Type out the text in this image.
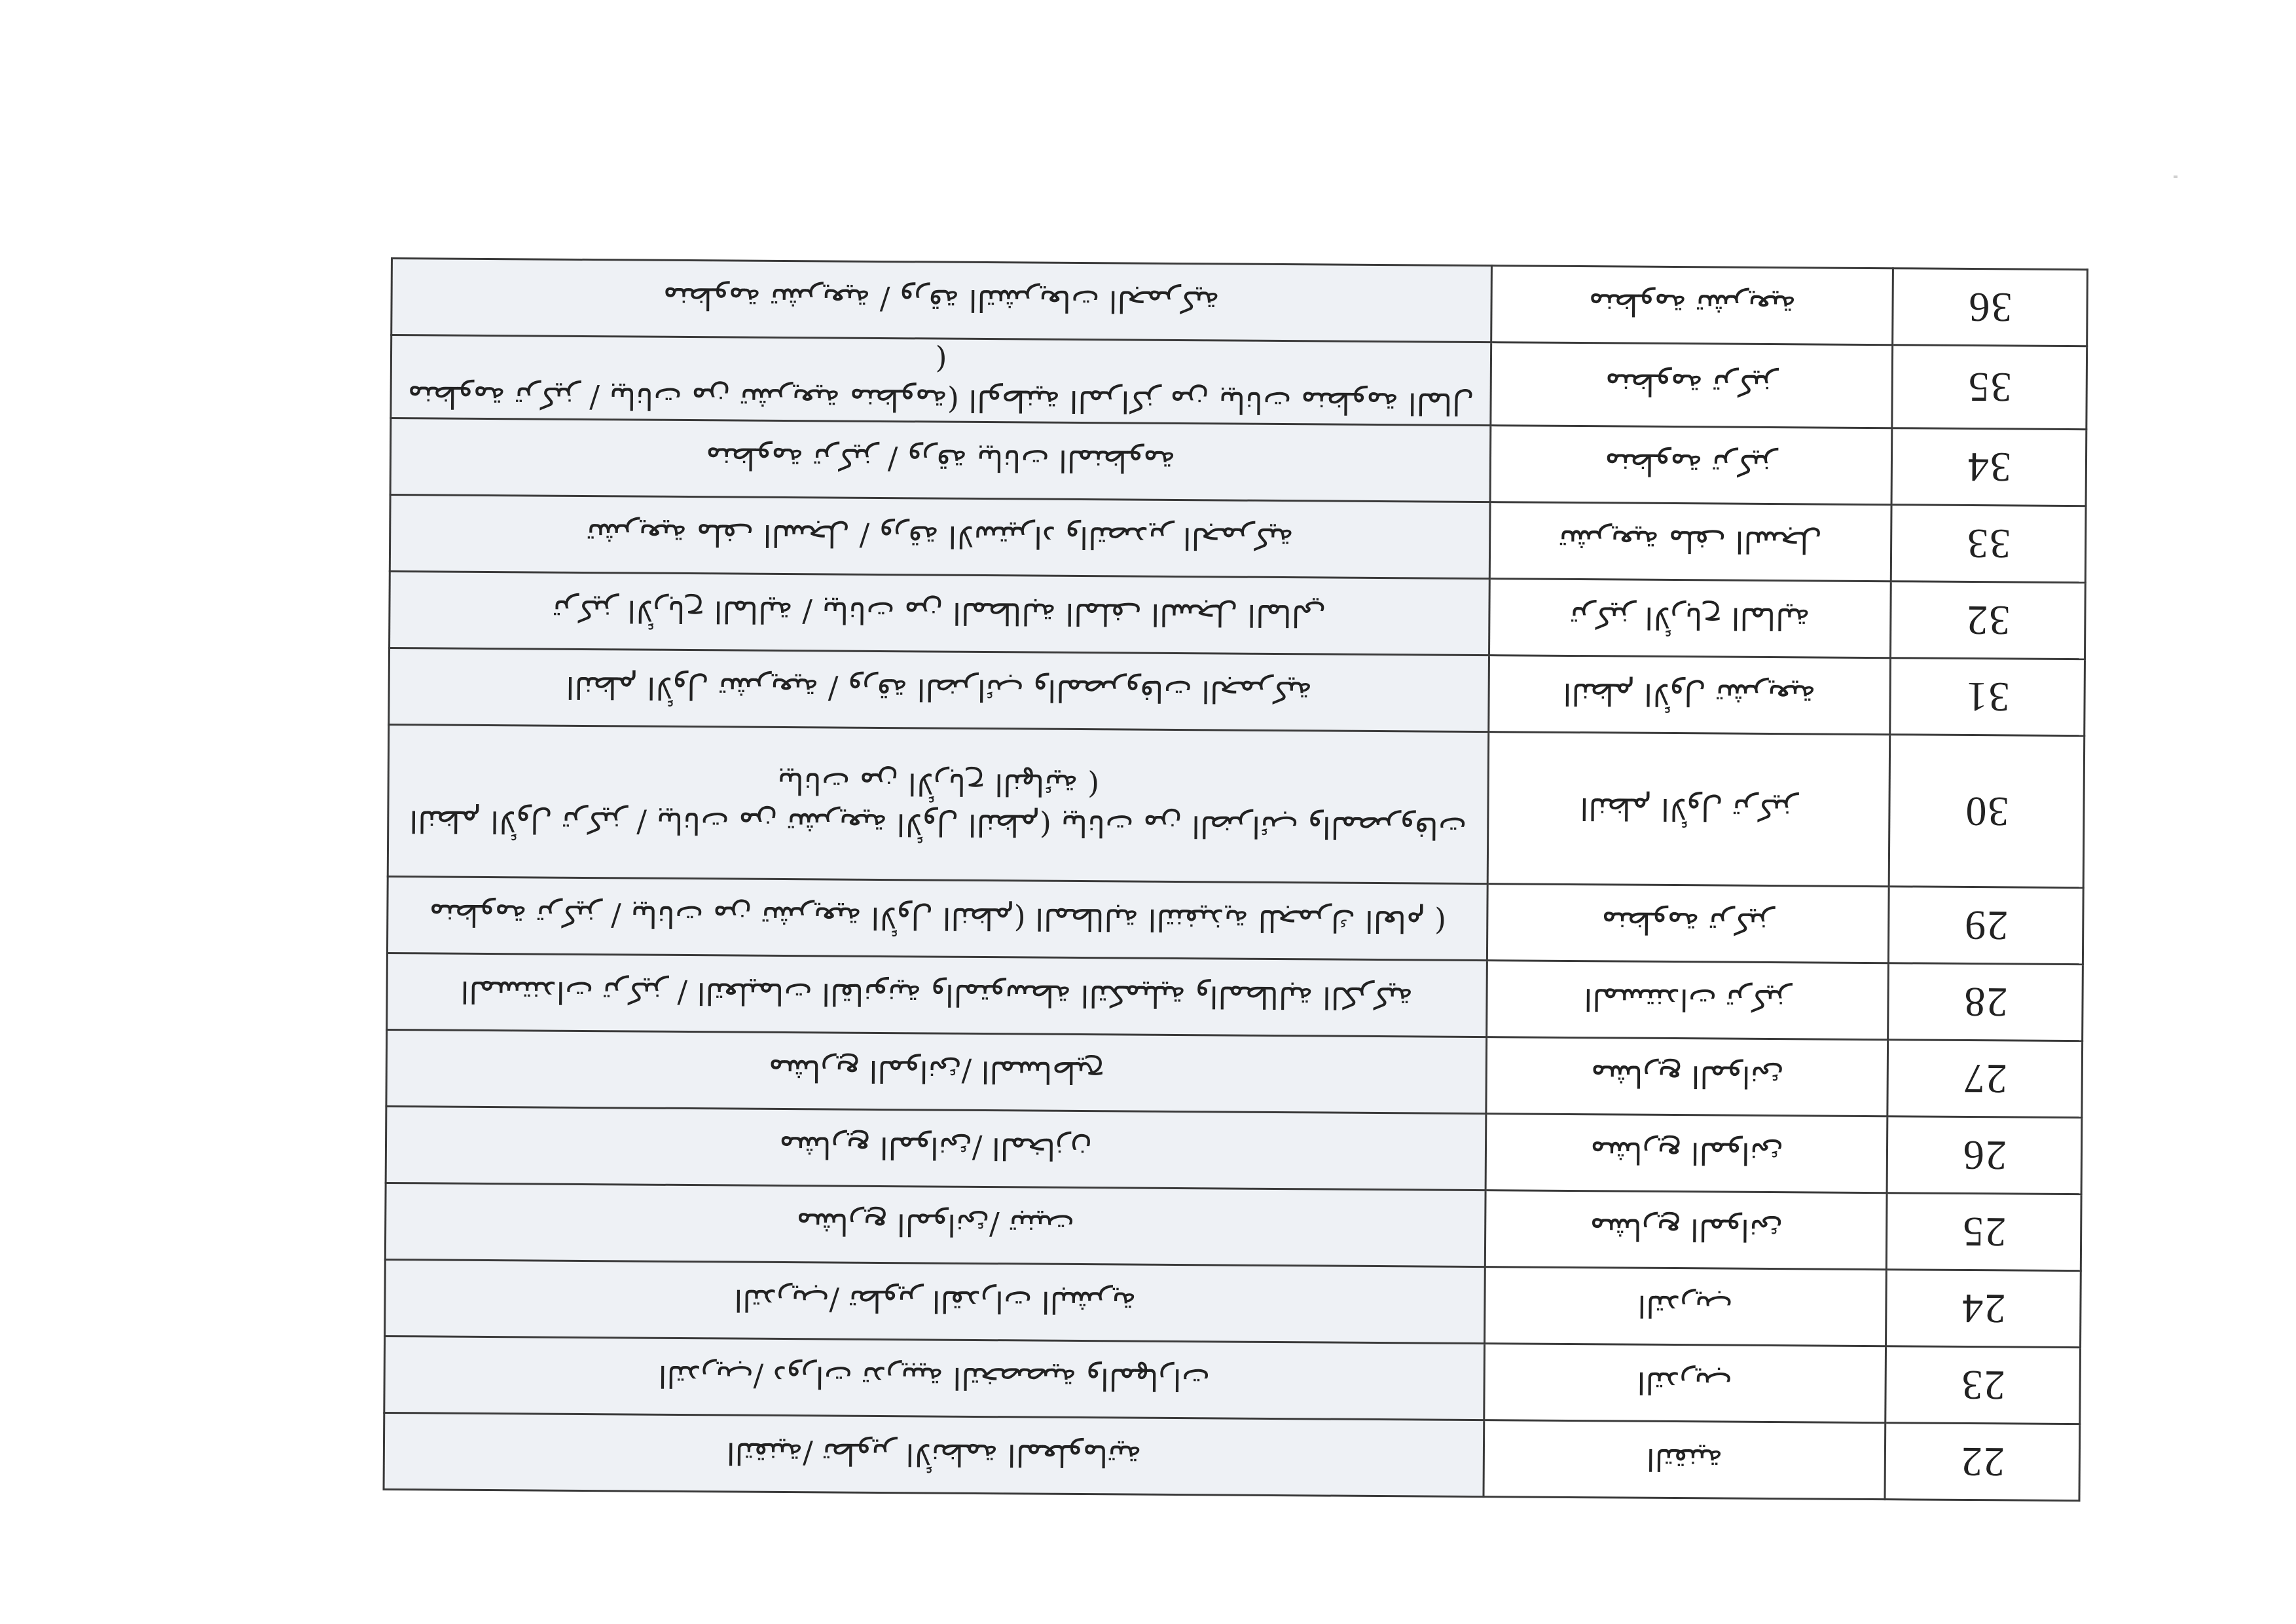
ﻣﻨﻈﻮﻣﺔ ﺗﺸﺮﻳﻌﻴﺔ / ﻭﺭﻗﺔ ﺍﻟﺘﺸﺮﻳﻌﺎﺕ ﺍﻟﺠﻤﺮﻛﻴﺔ	ﻣﻨﻈﻮﻣﺔ ﺗﺸﺮﻳﻌﻴﺔ	36
ﻣﻨﻈﻮﻣﺔ ﺗﺮﻛﻴﺰ / ﺑﻴﺎﻧﺎﺕ ﻣﻦ ﺗﺸﺮﻳﻌﻴﺔ ﻣﻨﻈﻮﻣﺔ) ﺍﻟﻮﻃﻨﻴﺔ ﺍﻟﻤﺮﺍﻛﺰ ﻣﻦ ﺑﻴﺎﻧﺎﺕ ﻣﻨﻈﻮﻣﺔ ﺍﻟﻤﺎﻝ )	ﻣﻨﻈﻮﻣﺔ ﺗﺮﻛﻴﺰ	35
ﻣﻨﻈﻮﻣﺔ ﺗﺮﻛﻴﺰ / ﻭﺭﻗﺔ ﺑﻴﺎﻧﺎﺕ ﺍﻟﻤﻨﻈﻮﻣﺔ	ﻣﻨﻈﻮﻣﺔ ﺗﺮﻛﻴﺰ	34
ﺗﺸﺮﻳﻌﻴﺔ ﻣﻠﻒ ﺍﻟﺴﺠﻞ / ﻭﺭﻗﺔ ﺍﻻﺳﺘﻴﺮﺍﺩ ﻭﺍﻟﺘﺼﺪﻳﺮ ﺍﻟﺠﻤﺮﻛﻴﺔ	ﺗﺸﺮﻳﻌﻴﺔ ﻣﻠﻒ ﺍﻟﺴﺠﻞ	33
ﺗﺮﻛﻴﺰ ﺍﻷﺭﺑﺎﺡ ﺍﻟﻤﺎﻟﻴﺔ / ﺑﻴﺎﻧﺎﺕ ﻣﻦ ﺍﻟﻤﻄﺎﻟﺒﺔ ﺍﻟﻤﻠﻒ ﺍﻟﺴﺠﻞ ﺍﻟﻤﺎﻟﻲ	ﺗﺮﻛﻴﺰ ﺍﻷﺭﺑﺎﺡ ﺍﻟﻤﺎﻟﻴﺔ	32
ﺍﻟﻨﻈﻢ ﺍﻷﻭﻝ ﺗﺸﺮﻳﻌﻴﺔ / ﻭﺭﻗﺔ ﺍﻟﻀﺮﺍﺋﺐ ﻭﺍﻟﻤﺼﺮﻭﻓﺎﺕ ﺍﻟﺠﻤﺮﻛﻴﺔ	ﺍﻟﻨﻈﻢ ﺍﻷﻭﻝ ﺗﺸﺮﻳﻌﻴﺔ	31
ﺍﻟﻨﻈﻢ ﺍﻷﻭﻝ ﺗﺮﻛﻴﺰ / ﺑﻴﺎﻧﺎﺕ ﻣﻦ ﺗﺸﺮﻳﻌﻴﺔ ﺍﻷﻭﻝ ﺍﻟﻨﻈﻢ) ﺑﻴﺎﻧﺎﺕ ﻣﻦ ﺍﻟﻀﺮﺍﺋﺐ ﻭﺍﻟﻤﺼﺮﻭﻓﺎﺕ ﺑﻴﺎﻧﺎﺕ ﻣﻦ ﺍﻷﺭﺑﺎﺡ ﺍﻟﻨﻬﺎﺋﻴﺔ )	ﺍﻟﻨﻈﻢ ﺍﻷﻭﻝ ﺗﺮﻛﻴﺰ	30
ﻣﻨﻈﻮﻣﺔ ﺗﺮﻛﻴﺰ / ﺑﻴﺎﻧﺎﺕ ﻣﻦ ﺗﺸﺮﻳﻌﻴﺔ ﺍﻷﻭﻝ ﺍﻟﻨﻈﻢ) ﺍﻟﻤﻄﺎﻟﺒﺔ ﺍﻟﺘﻨﻔﻴﺬﻳﺔ ﻟﻠﺠﻤﺮﻙ ﺍﻟﻌﺎﻡ )	ﻣﻨﻈﻮﻣﺔ ﺗﺮﻛﻴﺰ	29
ﺍﻟﻤﺴﺘﻨﺪﺍﺕ ﺗﺮﻛﻴﺰ / ﺍﻟﺘﻌﻠﻴﻤﺎﺕ ﺍﻟﻘﺎﻧﻮﻧﻴﺔ ﻭﺍﻟﻤﺘﻮﺳﻄﺔ ﺍﻟﺘﻜﻤﻴﻠﻴﺔ ﻭﺍﻟﻤﻄﺎﻟﺒﺔ ﺍﻟﻜﺮﻛﻴﺔ	ﺍﻟﻤﺴﺘﻨﺪﺍﺕ ﺗﺮﻛﻴﺰ	28
ﻣﺸﺎﺭﻳﻊ ﺍﻟﻤﻮﺍﻧﺊ/ ﺍﻟﻤﺴﺎﻃﻴﺢ	ﻣﺸﺎﺭﻳﻊ ﺍﻟﻤﻮﺍﻧﺊ	27
ﻣﺸﺎﺭﻳﻊ ﺍﻟﻤﻮﺍﻧﺊ/ ﺍﻟﻤﺨﺎﺯﻥ	ﻣﺸﺎﺭﻳﻊ ﺍﻟﻤﻮﺍﻧﺊ	26
ﻣﺸﺎﺭﻳﻊ ﺍﻟﻤﻮﺍﻧﺊ/ ﺗﺒﻨﻴﺖ	ﻣﺸﺎﺭﻳﻊ ﺍﻟﻤﻮﺍﻧﺊ	25
ﺍﻟﺘﺪﺭﻳﺐ/ ﺗﻄﻮﻳﺮ ﺍﻟﻘﺪﺭﺍﺕ ﺍﻟﺒﺸﺮﻳﺔ	ﺍﻟﺘﺪﺭﻳﺐ	24
ﺍﻟﺘﺪﺭﻳﺐ/ ﺩﻭﺭﺍﺕ ﺗﺪﺭﻳﺒﻴﺔ ﺍﻟﺘﺨﺼﺼﻴﺔ ﻭﺍﻟﻤﻬﺎﺭﺍﺕ	ﺍﻟﺘﺪﺭﻳﺐ	23
ﺍﻟﺘﻘﻨﻴﺔ/ ﺗﻄﻮﻳﺮ ﺍﻷﻧﻈﻤﺔ ﺍﻟﻤﻌﻠﻮﻣﺎﺗﻴﺔ	ﺍﻟﺘﻘﻨﻴﺔ	22
